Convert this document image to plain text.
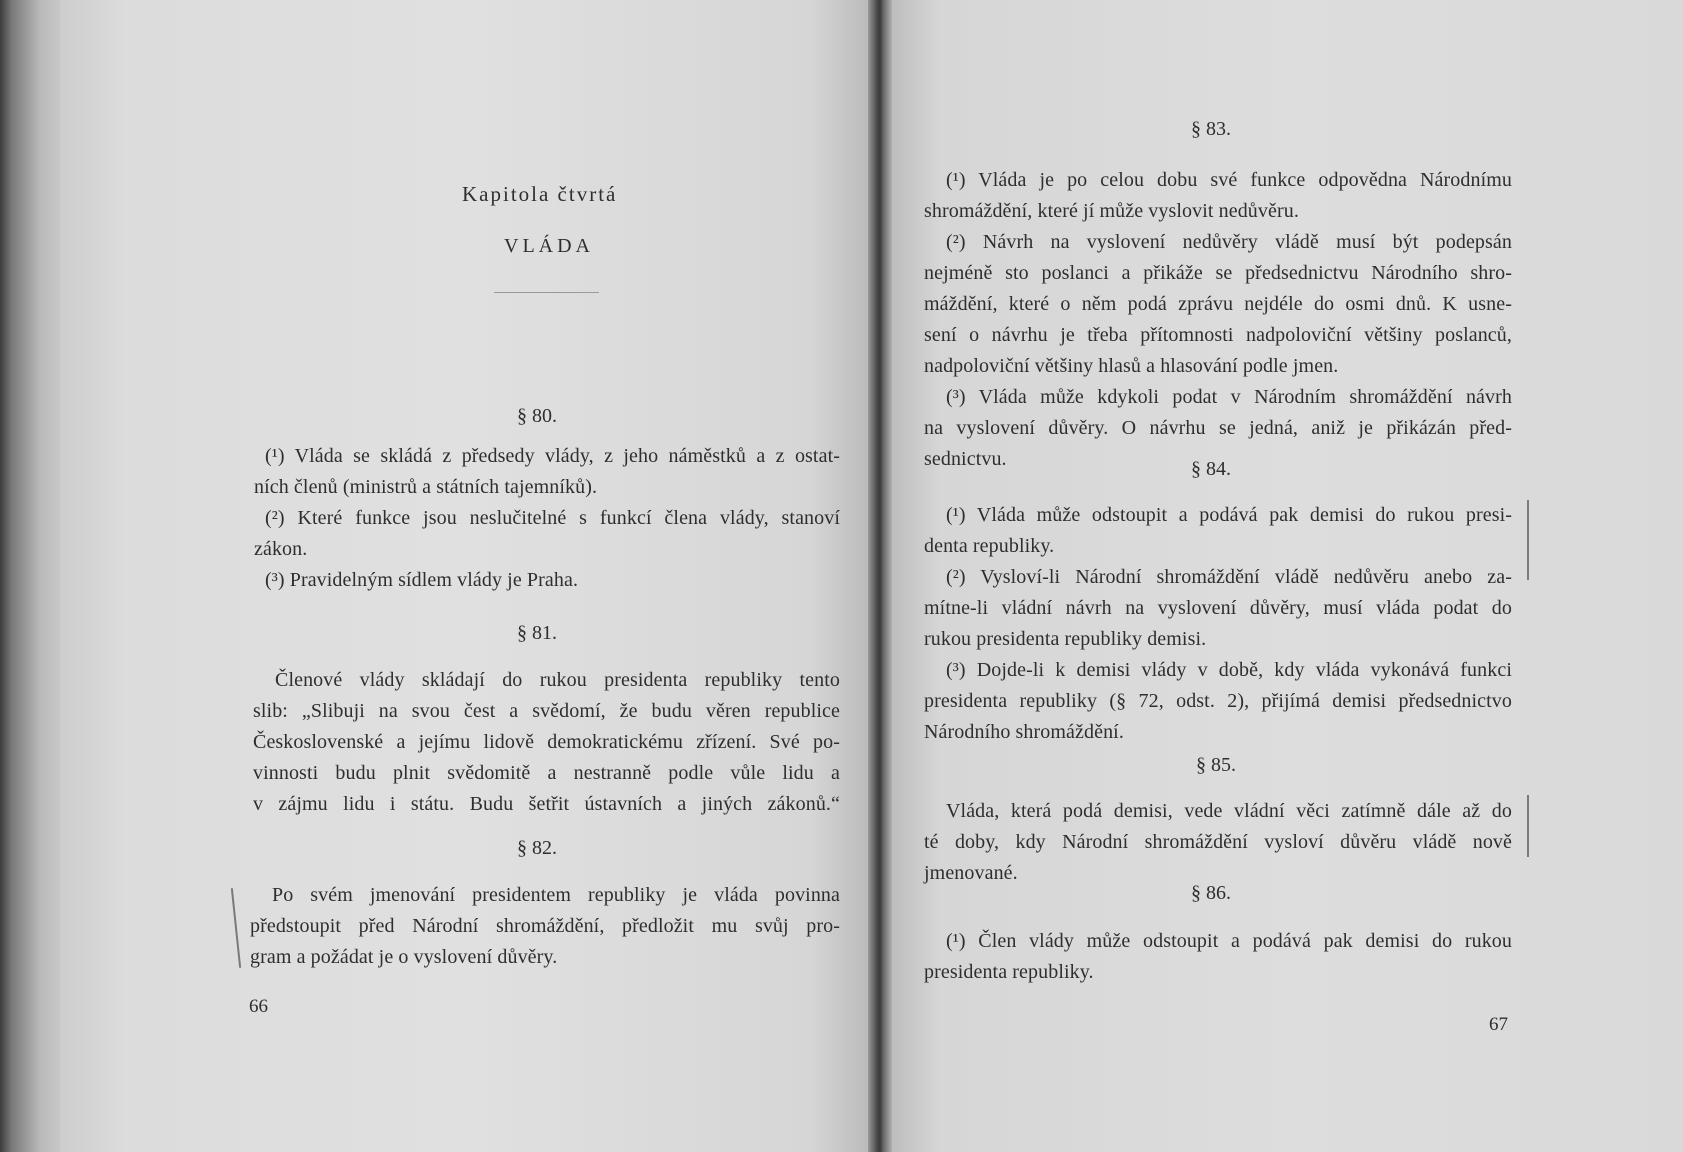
Kapitola čtvrtá
VLÁDA
§ 80.
(¹) Vláda se skládá z předsedy vlády, z jeho náměstků a z ostat-
ních členů (ministrů a státních tajemníků).
(²) Které funkce jsou neslučitelné s funkcí člena vlády, stanoví
zákon.
(³) Pravidelným sídlem vlády je Praha.
§ 81.
Členové vlády skládají do rukou presidenta republiky tento
slib: „Slibuji na svou čest a svědomí, že budu věren republice
Československé a jejímu lidově demokratickému zřízení. Své po-
vinnosti budu plnit svědomitě a nestranně podle vůle lidu a
v zájmu lidu i státu. Budu šetřit ústavních a jiných zákonů.“
§ 82.
Po svém jmenování presidentem republiky je vláda povinna
předstoupit před Národní shromáždění, předložit mu svůj pro-
gram a požádat je o vyslovení důvěry.
66
§ 83.
(¹) Vláda je po celou dobu své funkce odpovědna Národnímu
shromáždění, které jí může vyslovit nedůvěru.
(²) Návrh na vyslovení nedůvěry vládě musí být podepsán
nejméně sto poslanci a přikáže se předsednictvu Národního shro-
máždění, které o něm podá zprávu nejdéle do osmi dnů. K usne-
sení o návrhu je třeba přítomnosti nadpoloviční většiny poslanců,
nadpoloviční většiny hlasů a hlasování podle jmen.
(³) Vláda může kdykoli podat v Národním shromáždění návrh
na vyslovení důvěry. O návrhu se jedná, aniž je přikázán před-
sednictvu.	§ 84.
(¹) Vláda může odstoupit a podává pak demisi do rukou presi-
denta republiky.
(²) Vysloví-li Národní shromáždění vládě nedůvěru anebo za-
mítne-li vládní návrh na vyslovení důvěry, musí vláda podat do
rukou presidenta republiky demisi.
(³) Dojde-li k demisi vlády v době, kdy vláda vykonává funkci
presidenta republiky (§ 72, odst. 2), přijímá demisi předsednictvo
Národního shromáždění.
§ 85.
Vláda, která podá demisi, vede vládní věci zatímně dále až do
té doby, kdy Národní shromáždění vysloví důvěru vládě nově
jmenované.
§ 86.
(¹) Člen vlády může odstoupit a podává pak demisi do rukou
presidenta republiky.
67
